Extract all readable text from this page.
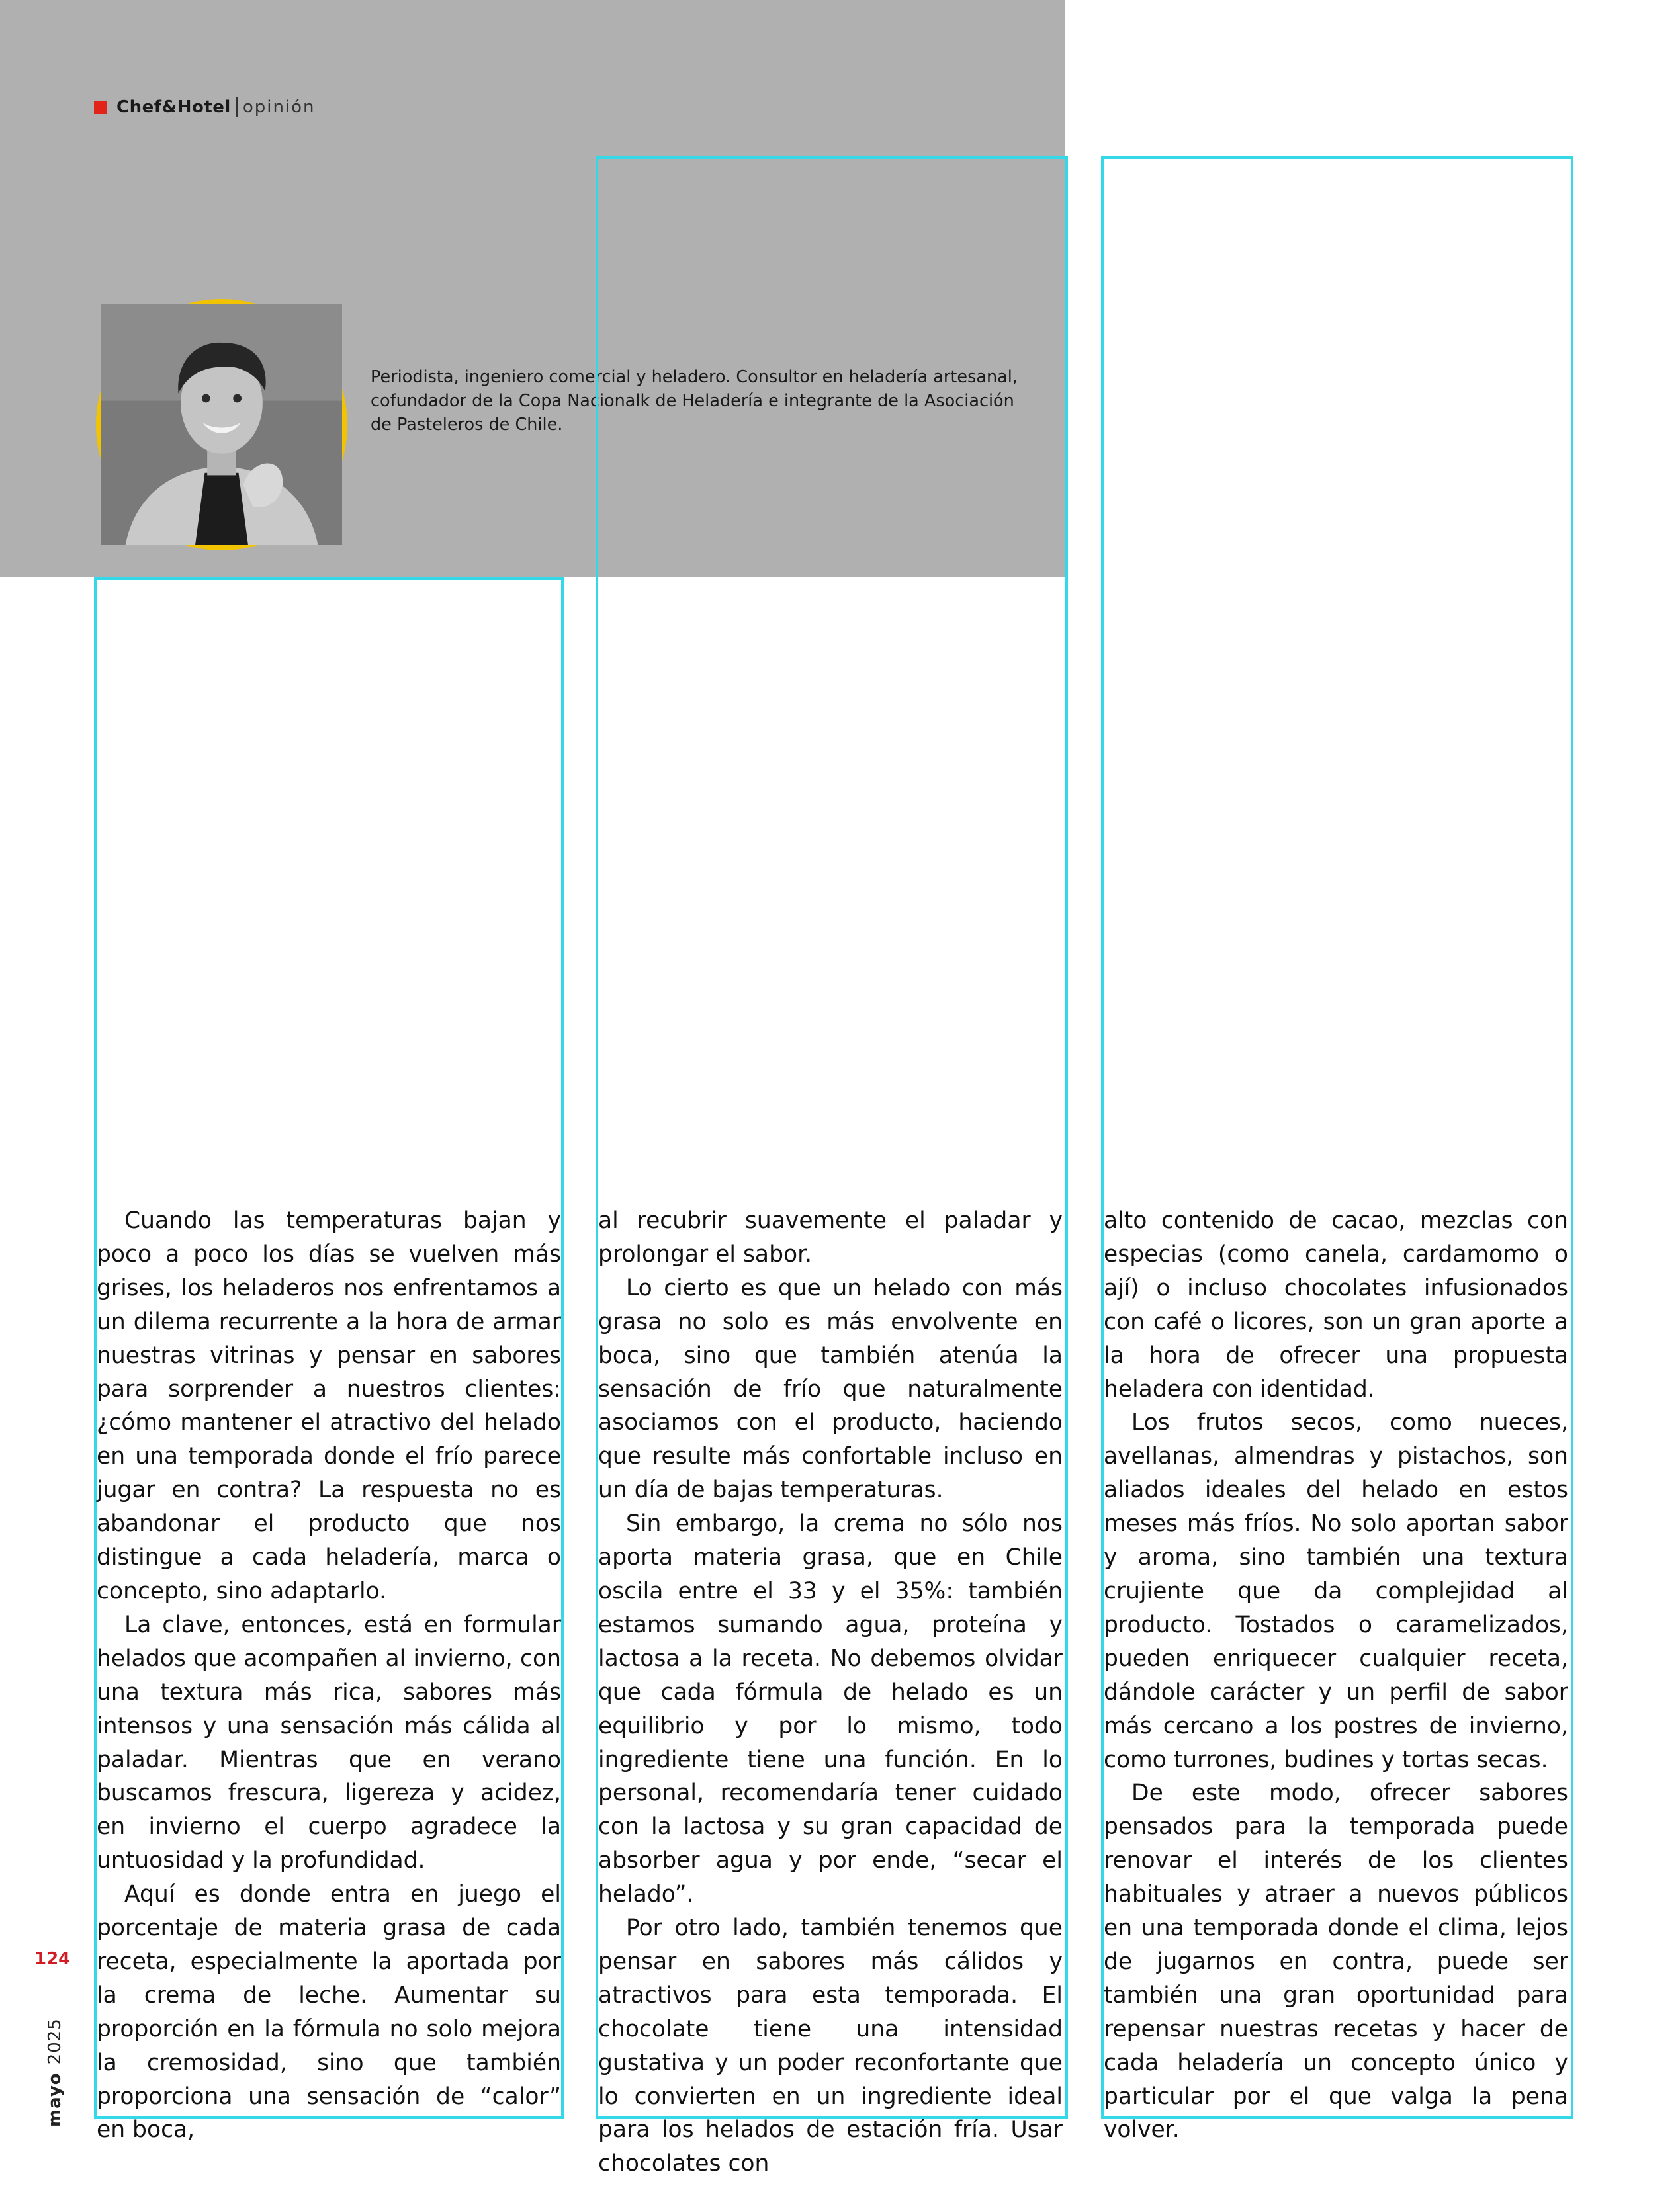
Chef&Hotel opinión

Periodista, ingeniero comercial y heladero. Consultor en heladería artesanal, cofundador de la Copa Nacionalk de Heladería e integrante de la Asociación de Pasteleros de Chile.

Cuando las temperaturas bajan y poco a poco los días se vuelven más grises, los heladeros nos enfrentamos a un dilema recurrente a la hora de armar nuestras vitrinas y pensar en sabores para sorprender a nuestros clientes: ¿cómo mantener el atractivo del helado en una temporada donde el frío parece jugar en contra? La respuesta no es abandonar el producto que nos distingue a cada heladería, marca o concepto, sino adaptarlo.

La clave, entonces, está en formular helados que acompañen al invierno, con una textura más rica, sabores más intensos y una sensación más cálida al paladar. Mientras que en verano buscamos frescura, ligereza y acidez, en invierno el cuerpo agradece la untuosidad y la profundidad.

Aquí es donde entra en juego el porcentaje de materia grasa de cada receta, especialmente la aportada por la crema de leche. Aumentar su proporción en la fórmula no solo mejora la cremosidad, sino que también proporciona una sensación de “calor” en boca,

al recubrir suavemente el paladar y prolongar el sabor.

Lo cierto es que un helado con más grasa no solo es más envolvente en boca, sino que también atenúa la sensación de frío que naturalmente asociamos con el producto, haciendo que resulte más confortable incluso en un día de bajas temperaturas.

Sin embargo, la crema no sólo nos aporta materia grasa, que en Chile oscila entre el 33 y el 35%: también estamos sumando agua, proteína y lactosa a la receta. No debemos olvidar que cada fórmula de helado es un equilibrio y por lo mismo, todo ingrediente tiene una función. En lo personal, recomendaría tener cuidado con la lactosa y su gran capacidad de absorber agua y por ende, “secar el helado”.

Por otro lado, también tenemos que pensar en sabores más cálidos y atractivos para esta temporada. El chocolate tiene una intensidad gustativa y un poder reconfortante que lo convierten en un ingrediente ideal para los helados de estación fría. Usar chocolates con

alto contenido de cacao, mezclas con especias (como canela, cardamomo o ají) o incluso chocolates infusionados con café o licores, son un gran aporte a la hora de ofrecer una propuesta heladera con identidad.

Los frutos secos, como nueces, avellanas, almendras y pistachos, son aliados ideales del helado en estos meses más fríos. No solo aportan sabor y aroma, sino también una textura crujiente que da complejidad al producto. Tostados o caramelizados, pueden enriquecer cualquier receta, dándole carácter y un perfil de sabor más cercano a los postres de invierno, como turrones, budines y tortas secas.

De este modo, ofrecer sabores pensados para la temporada puede renovar el interés de los clientes habituales y atraer a nuevos públicos en una temporada donde el clima, lejos de jugarnos en contra, puede ser también una gran oportunidad para repensar nuestras recetas y hacer de cada heladería un concepto único y particular por el que valga la pena volver.

124
mayo2025
